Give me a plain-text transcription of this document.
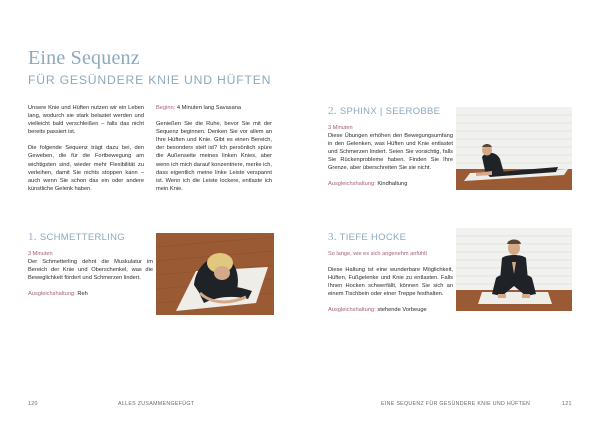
Eine Sequenz
FÜR GESÜNDERE KNIE UND HÜFTEN

Unsere Knie und Hüften nutzen wir ein Leben lang, wodurch sie stark belastet werden und vielleicht bald verschleißen – falls das nicht bereits passiert ist.

Die folgende Sequenz trägt dazu bei, den Geweben, die für die Fortbewegung am wichtigsten sind, wieder mehr Flexibilität zu verleihen, damit Sie nichts stoppen kann – auch wenn Sie schon das ein oder andere künstliche Gelenk haben.

Beginn: 4 Minuten lang Savasana

Genießen Sie die Ruhe, bevor Sie mit der Sequenz beginnen. Denken Sie vor allem an Ihre Hüften und Knie. Gibt es einen Bereich, der besonders steif ist? Ich persönlich spüre die Außenseite meines linken Knies, aber wenn ich mich darauf konzentriere, merke ich, dass eigentlich meine linke Leiste verspannt ist. Wenn ich die Leiste lockere, entlaste ich mein Knie.

1. SCHMETTERLING

3 Minuten

Der Schmetterling dehnt die Muskulatur im Bereich der Knie und Oberschenkel, was die Beweglichkeit fördert und Schmerzen lindert.

Ausgleichshaltung: Reh

2. SPHINX | SEEROBBE

3 Minuten

Diese Übungen erhöhen den Bewegungsumfang in den Gelenken, was Hüften und Knie entlastet und Schmerzen lindert. Seien Sie vorsichtig, falls Sie Rückenprobleme haben. Finden Sie Ihre Grenze, aber überschreiten Sie sie nicht.

Ausgleichshaltung: Kindhaltung

3. TIEFE HOCKE

So lange, wie es sich angenehm anfühlt

Diese Haltung ist eine wunderbare Möglichkeit, Hüften, Fußgelenke und Knie zu entlasten. Falls Ihnen Hocken schwerfällt, können Sie sich an einem Tischbein oder einer Treppe festhalten.

Ausgleichshaltung: stehende Vorbeuge

120	ALLES ZUSAMMENGEFÜGT	EINE SEQUENZ FÜR GESÜNDERE KNIE UND HÜFTEN	121
